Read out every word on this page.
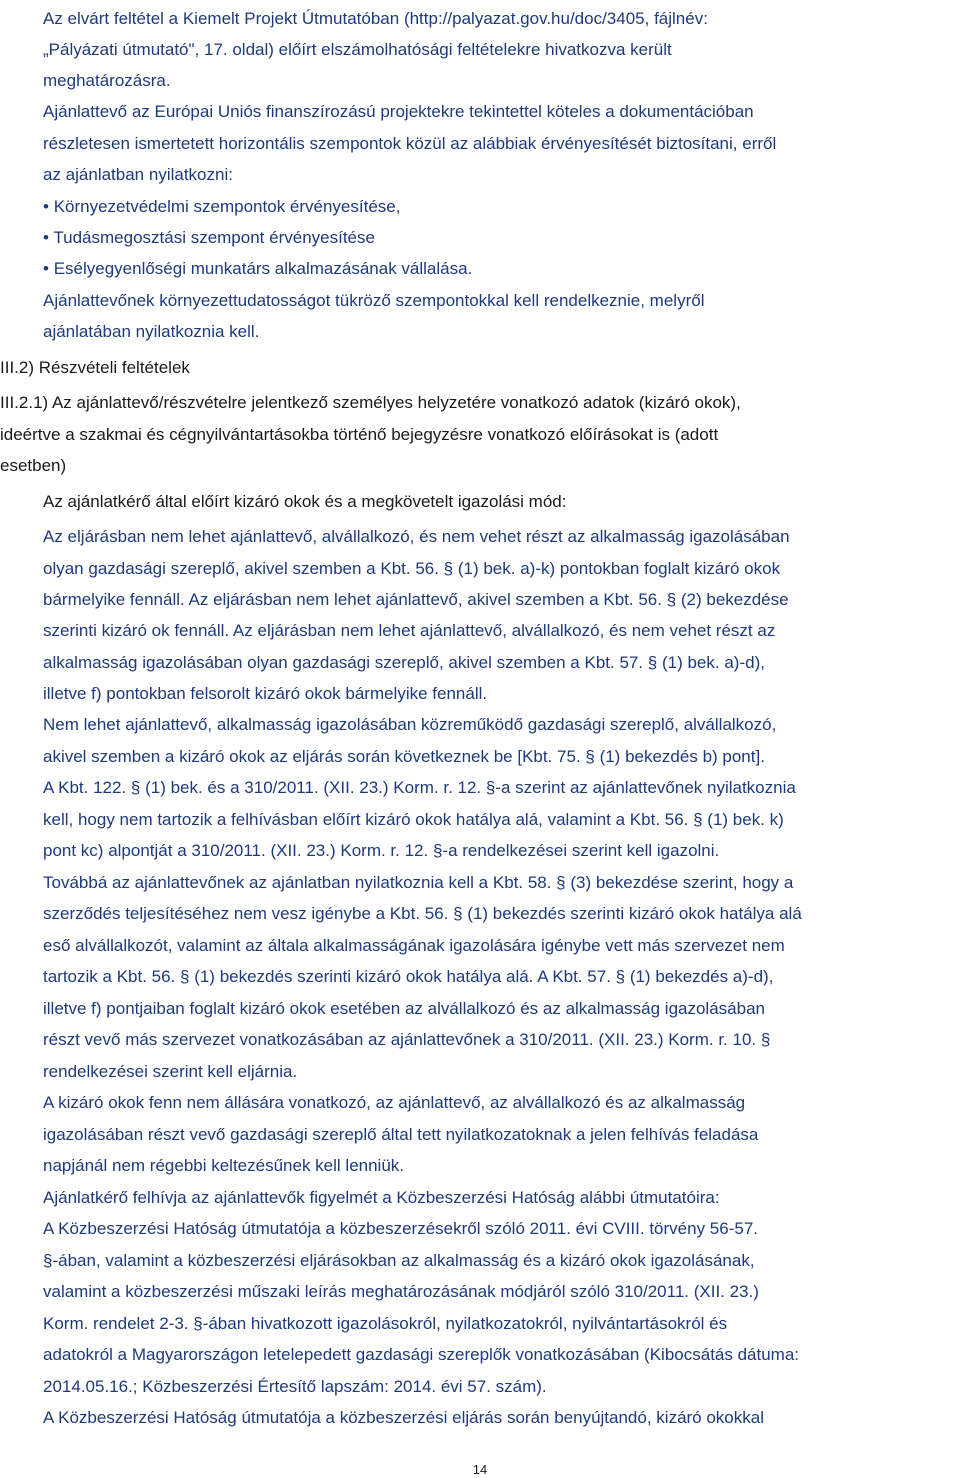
Az elvárt feltétel a Kiemelt Projekt Útmutatóban (http://palyazat.gov.hu/doc/3405, fájlnév:
„Pályázati útmutató", 17. oldal) előírt elszámolhatósági feltételekre hivatkozva került
meghatározásra.
Ajánlattevő az Európai Uniós finanszírozású projektekre tekintettel köteles a dokumentációban
részletesen ismertetett horizontális szempontok közül az alábbiak érvényesítését biztosítani, erről
az ajánlatban nyilatkozni:
• Környezetvédelmi szempontok érvényesítése,
• Tudásmegosztási szempont érvényesítése
• Esélyegyenlőségi munkatárs alkalmazásának vállalása.
Ajánlattevőnek környezettudatosságot tükröző szempontokkal kell rendelkeznie, melyről
ajánlatában nyilatkoznia kell.
III.2) Részvételi feltételek
III.2.1) Az ajánlattevő/részvételre jelentkező személyes helyzetére vonatkozó adatok (kizáró okok),
ideértve a szakmai és cégnyilvántartásokba történő bejegyzésre vonatkozó előírásokat is (adott
esetben)
Az ajánlatkérő által előírt kizáró okok és a megkövetelt igazolási mód:
Az eljárásban nem lehet ajánlattevő, alvállalkozó, és nem vehet részt az alkalmasság igazolásában
olyan gazdasági szereplő, akivel szemben a Kbt. 56. § (1) bek. a)-k) pontokban foglalt kizáró okok
bármelyike fennáll. Az eljárásban nem lehet ajánlattevő, akivel szemben a Kbt. 56. § (2) bekezdése
szerinti kizáró ok fennáll. Az eljárásban nem lehet ajánlattevő, alvállalkozó, és nem vehet részt az
alkalmasság igazolásában olyan gazdasági szereplő, akivel szemben a Kbt. 57. § (1) bek. a)-d),
illetve f) pontokban felsorolt kizáró okok bármelyike fennáll.
Nem lehet ajánlattevő, alkalmasság igazolásában közreműködő gazdasági szereplő, alvállalkozó,
akivel szemben a kizáró okok az eljárás során következnek be [Kbt. 75. § (1) bekezdés b) pont].
A Kbt. 122. § (1) bek. és a 310/2011. (XII. 23.) Korm. r. 12. §-a szerint az ajánlattevőnek nyilatkoznia
kell, hogy nem tartozik a felhívásban előírt kizáró okok hatálya alá, valamint a Kbt. 56. § (1) bek. k)
pont kc) alpontját a 310/2011. (XII. 23.) Korm. r. 12. §-a rendelkezései szerint kell igazolni.
Továbbá az ajánlattevőnek az ajánlatban nyilatkoznia kell a Kbt. 58. § (3) bekezdése szerint, hogy a
szerződés teljesítéséhez nem vesz igénybe a Kbt. 56. § (1) bekezdés szerinti kizáró okok hatálya alá
eső alvállalkozót, valamint az általa alkalmasságának igazolására igénybe vett más szervezet nem
tartozik a Kbt. 56. § (1) bekezdés szerinti kizáró okok hatálya alá. A Kbt. 57. § (1) bekezdés a)-d),
illetve f) pontjaiban foglalt kizáró okok esetében az alvállalkozó és az alkalmasság igazolásában
részt vevő más szervezet vonatkozásában az ajánlattevőnek a 310/2011. (XII. 23.) Korm. r. 10. §
rendelkezései szerint kell eljárnia.
A kizáró okok fenn nem állására vonatkozó, az ajánlattevő, az alvállalkozó és az alkalmasság
igazolásában részt vevő gazdasági szereplő által tett nyilatkozatoknak a jelen felhívás feladása
napjánál nem régebbi keltezésűnek kell lenniük.
Ajánlatkérő felhívja az ajánlattevők figyelmét a Közbeszerzési Hatóság alábbi útmutatóira:
A Közbeszerzési Hatóság útmutatója a közbeszerzésekről szóló 2011. évi CVIII. törvény 56-57.
§-ában, valamint a közbeszerzési eljárásokban az alkalmasság és a kizáró okok igazolásának,
valamint a közbeszerzési műszaki leírás meghatározásának módjáról szóló 310/2011. (XII. 23.)
Korm. rendelet 2-3. §-ában hivatkozott igazolásokról, nyilatkozatokról, nyilvántartásokról és
adatokról a Magyarországon letelepedett gazdasági szereplők vonatkozásában (Kibocsátás dátuma:
2014.05.16.; Közbeszerzési Értesítő lapszám: 2014. évi 57. szám).
A Közbeszerzési Hatóság útmutatója a közbeszerzési eljárás során benyújtandó, kizáró okokkal
14
